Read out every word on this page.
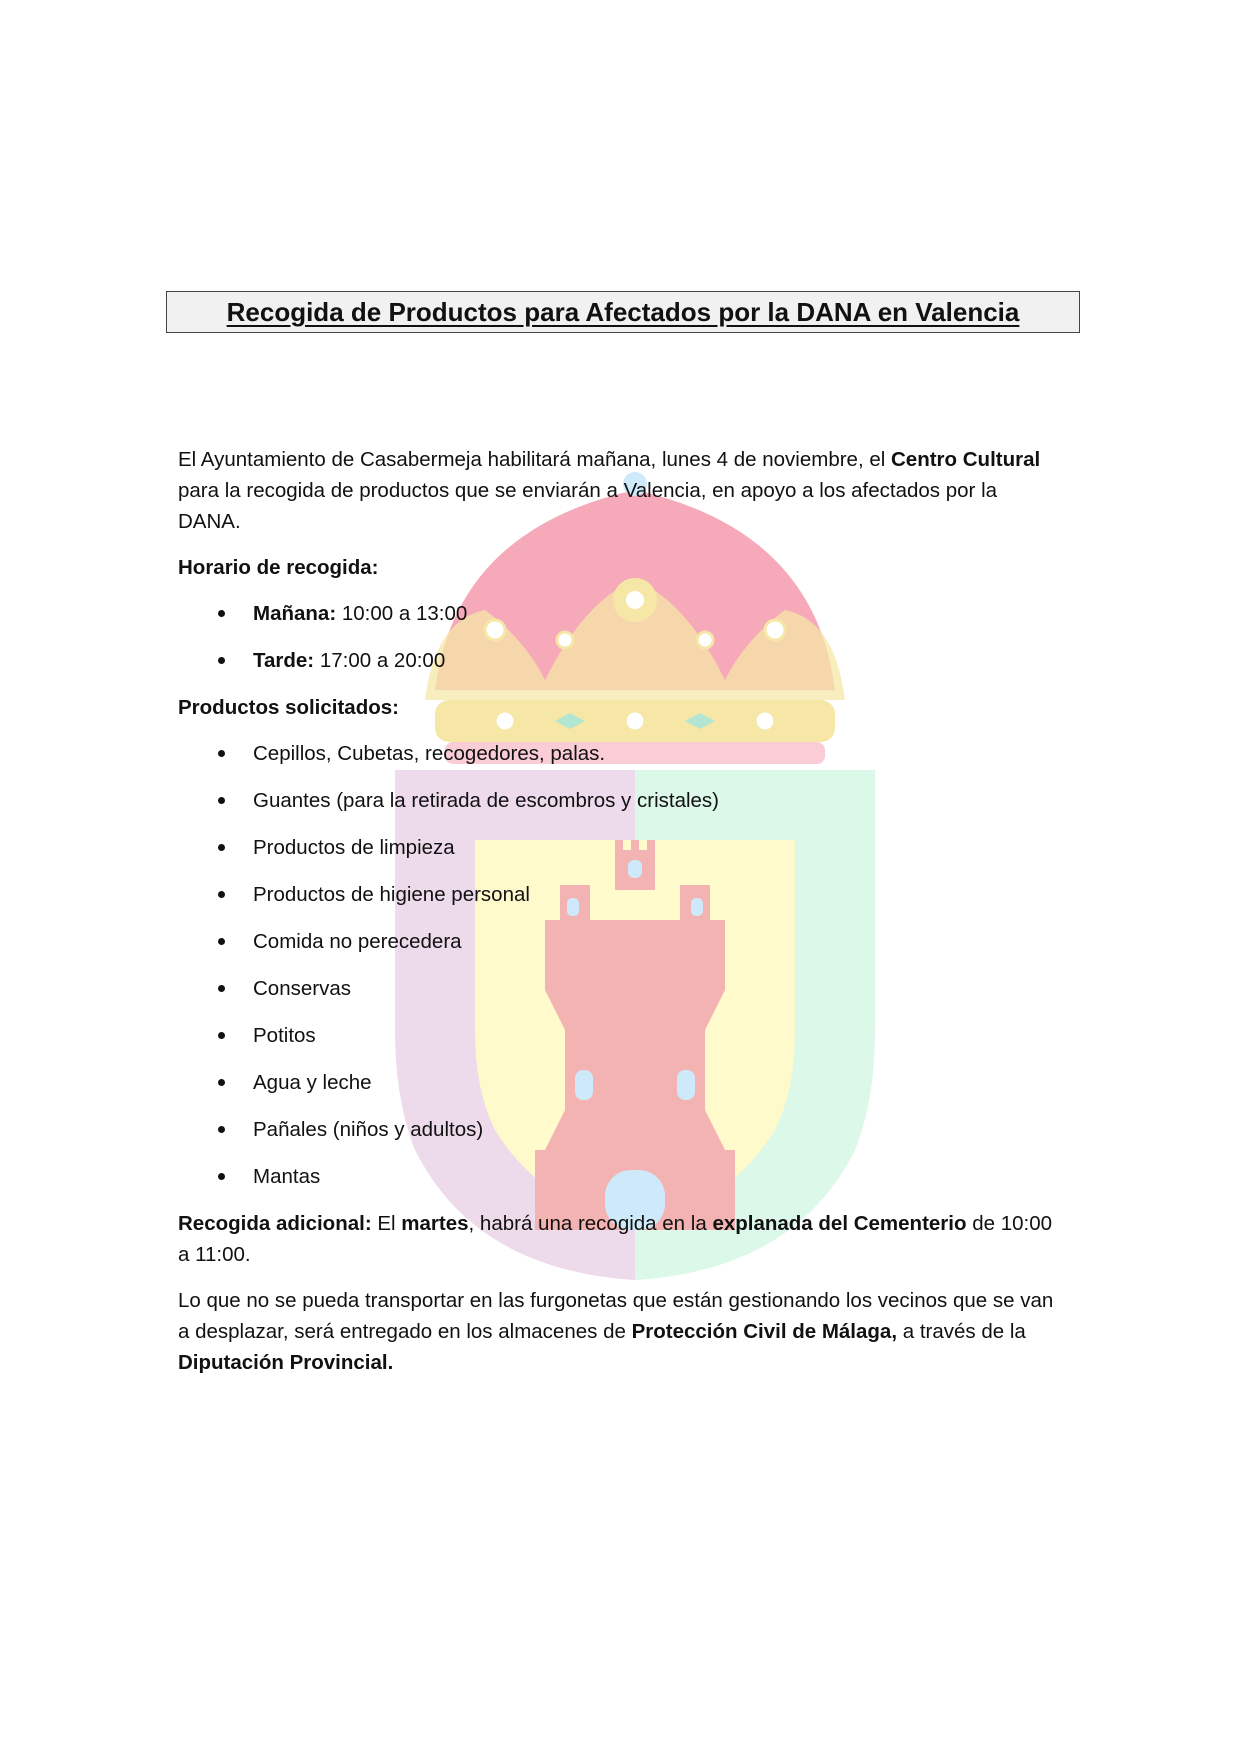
Recogida de Productos para Afectados por la DANA en Valencia

El Ayuntamiento de Casabermeja habilitará mañana, lunes 4 de noviembre, el Centro Cultural para la recogida de productos que se enviarán a Valencia, en apoyo a los afectados por la DANA.

Horario de recogida:

Mañana: 10:00 a 13:00
Tarde: 17:00 a 20:00

Productos solicitados:

Cepillos, Cubetas, recogedores, palas.
Guantes (para la retirada de escombros y cristales)
Productos de limpieza
Productos de higiene personal
Comida no perecedera
Conservas
Potitos
Agua y leche
Pañales (niños y adultos)
Mantas

Recogida adicional: El martes, habrá una recogida en la explanada del Cementerio de 10:00 a 11:00.

Lo que no se pueda transportar en las furgonetas que están gestionando los vecinos que se van a desplazar, será entregado en los almacenes de Protección Civil de Málaga, a través de la Diputación Provincial.
